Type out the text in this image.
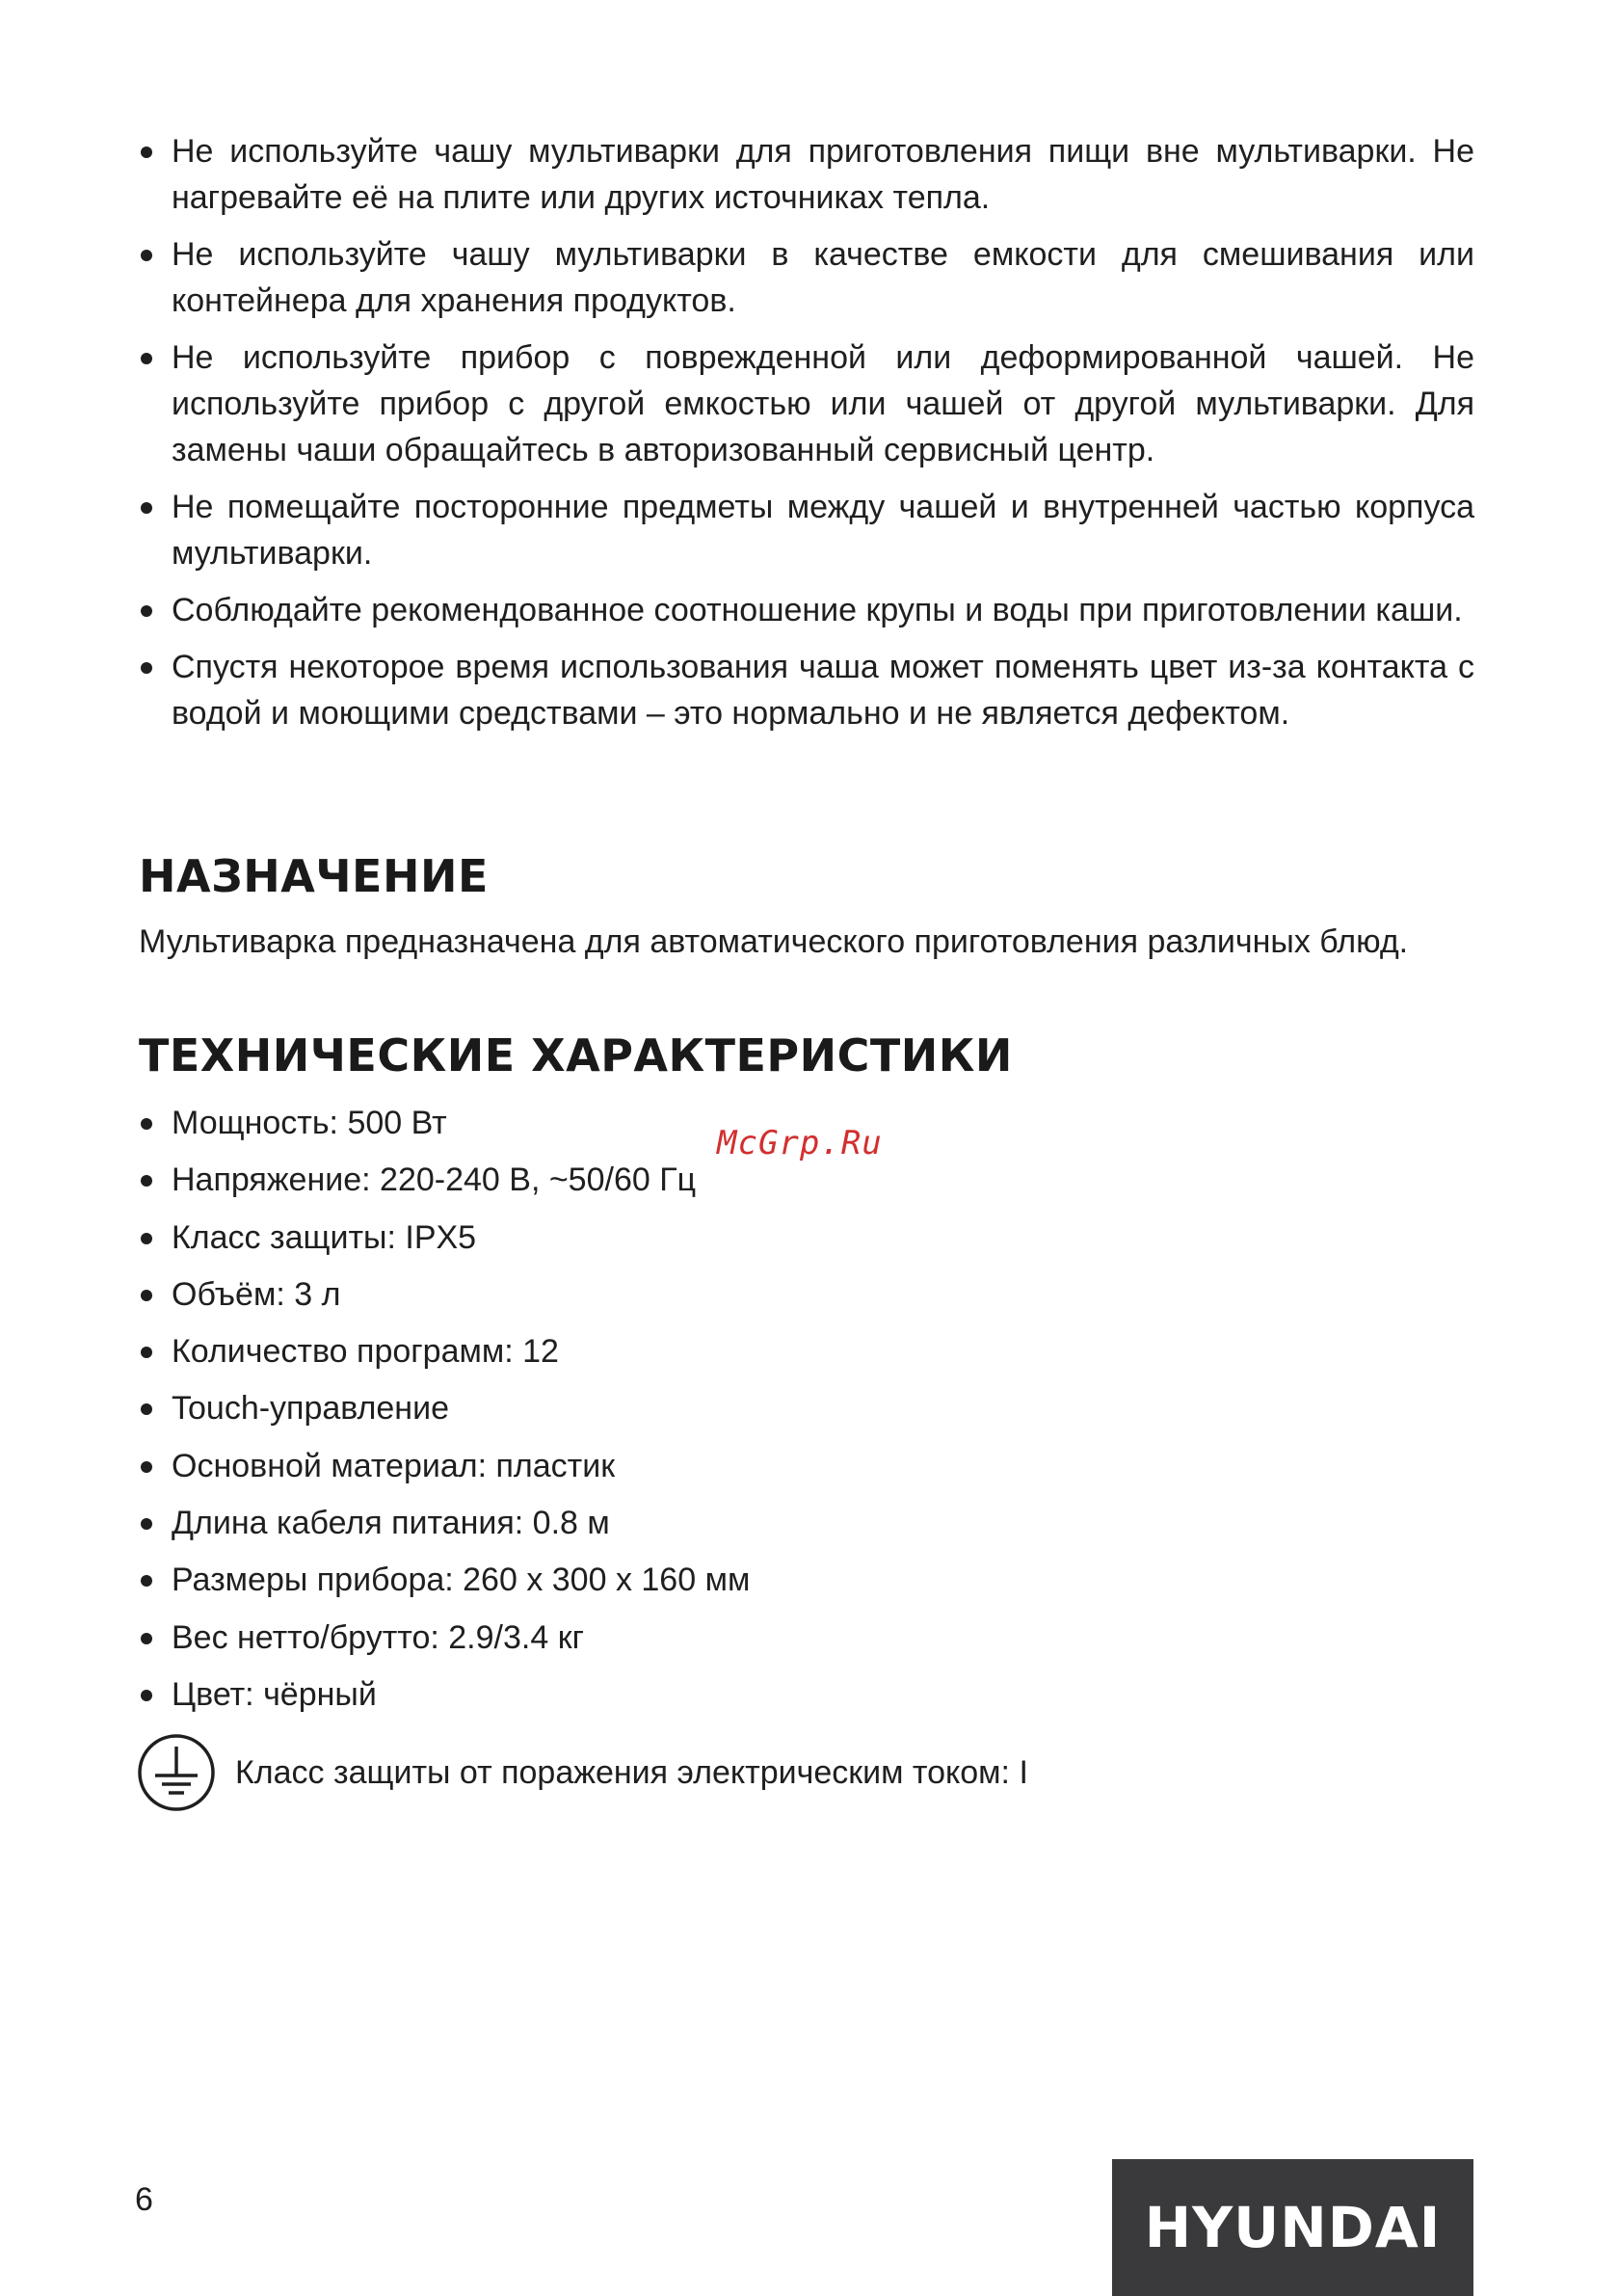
Не используйте чашу мультиварки для приготовления пищи вне мультиварки. Не нагревайте её на плите или других источниках тепла.
Не используйте чашу мультиварки в качестве емкости для смешивания или контейнера для хранения продуктов.
Не используйте прибор с поврежденной или деформированной чашей. Не используйте прибор с другой емкостью или чашей от другой мультиварки. Для замены чаши обращайтесь в авторизованный сервисный центр.
Не помещайте посторонние предметы между чашей и внутренней частью корпуса мультиварки.
Соблюдайте рекомендованное соотношение крупы и воды при приготовлении каши.
Спустя некоторое время использования чаша может поменять цвет из-за контакта с водой и моющими средствами – это нормально и не является дефектом.
НАЗНАЧЕНИЕ

Мультиварка предназначена для автоматического приготовления различных блюд.

ТЕХНИЧЕСКИЕ ХАРАКТЕРИСТИКИ
Мощность: 500 Вт
Напряжение: 220-240 В, ~50/60 Гц
Класс защиты: IPX5
Объём: 3 л
Количество программ: 12
Touch-управление
Основной материал: пластик
Длина кабеля питания: 0.8 м
Размеры прибора: 260 x 300 x 160 мм
Вес нетто/брутто: 2.9/3.4 кг
Цвет: чёрный
Класс защиты от поражения электрическим током: I
McGrp.Ru
6	HYUNDAI
